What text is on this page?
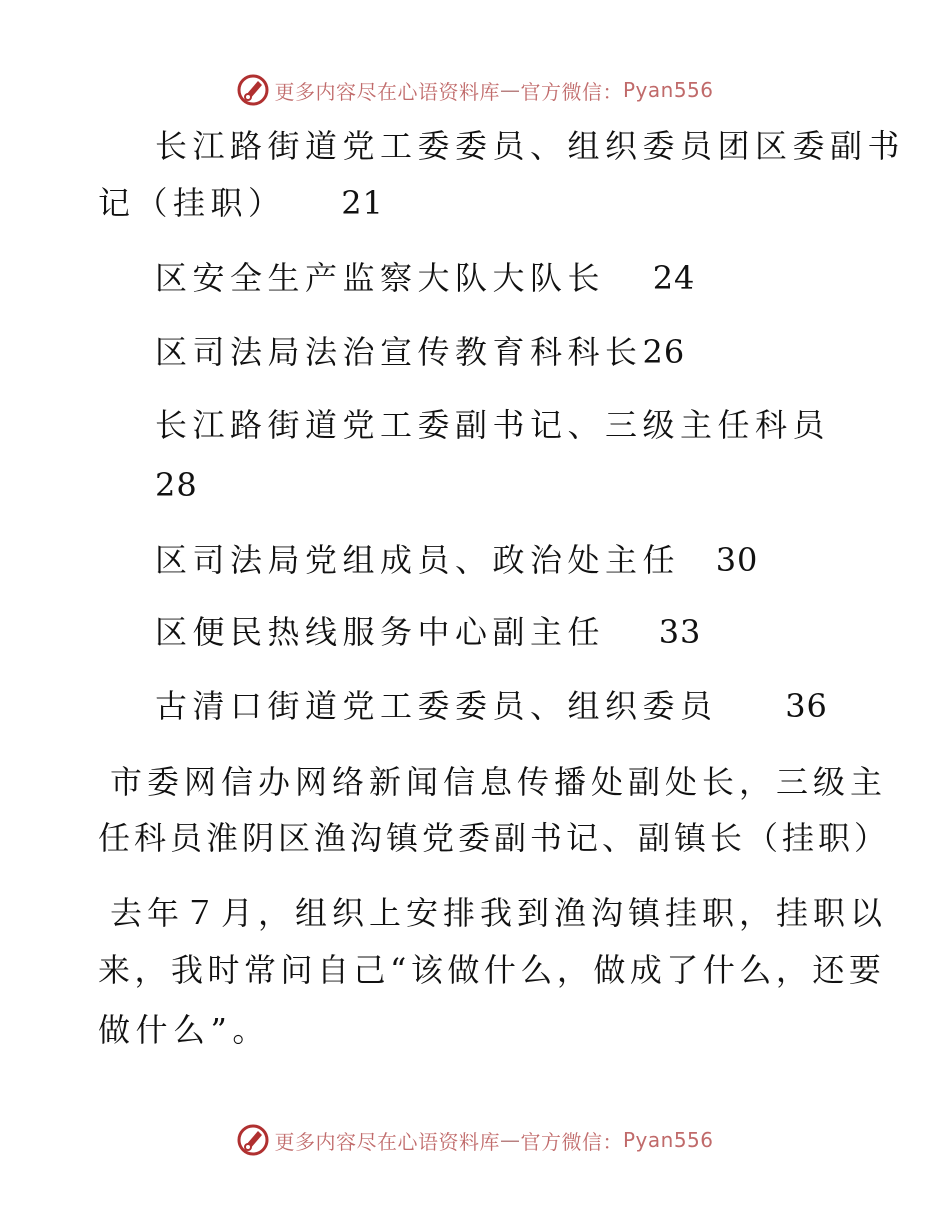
更多内容尽在心语资料库 — 官方微信： Pyan556
长江路街道党工委委员、组织委员团区委副书
记（挂职） 21
区安全生产监察大队大队长 24
区司法局法治宣传教育科科长26
长江路街道党工委副书记、三级主任科员
28
区司法局党组成员、政治处主任 30
区便民热线服务中心副主任 33
古清口街道党工委委员、组织委员 36
市委网信办网络新闻信息传播处副处长，三级主
任科员淮阴区渔沟镇党委副书记、副镇长（挂职）
去年７月，组织上安排我到渔沟镇挂职，挂职以
来，我时常问自己“该做什么，做成了什么，还要
做什么”。
更多内容尽在心语资料库 — 官方微信： Pyan556
